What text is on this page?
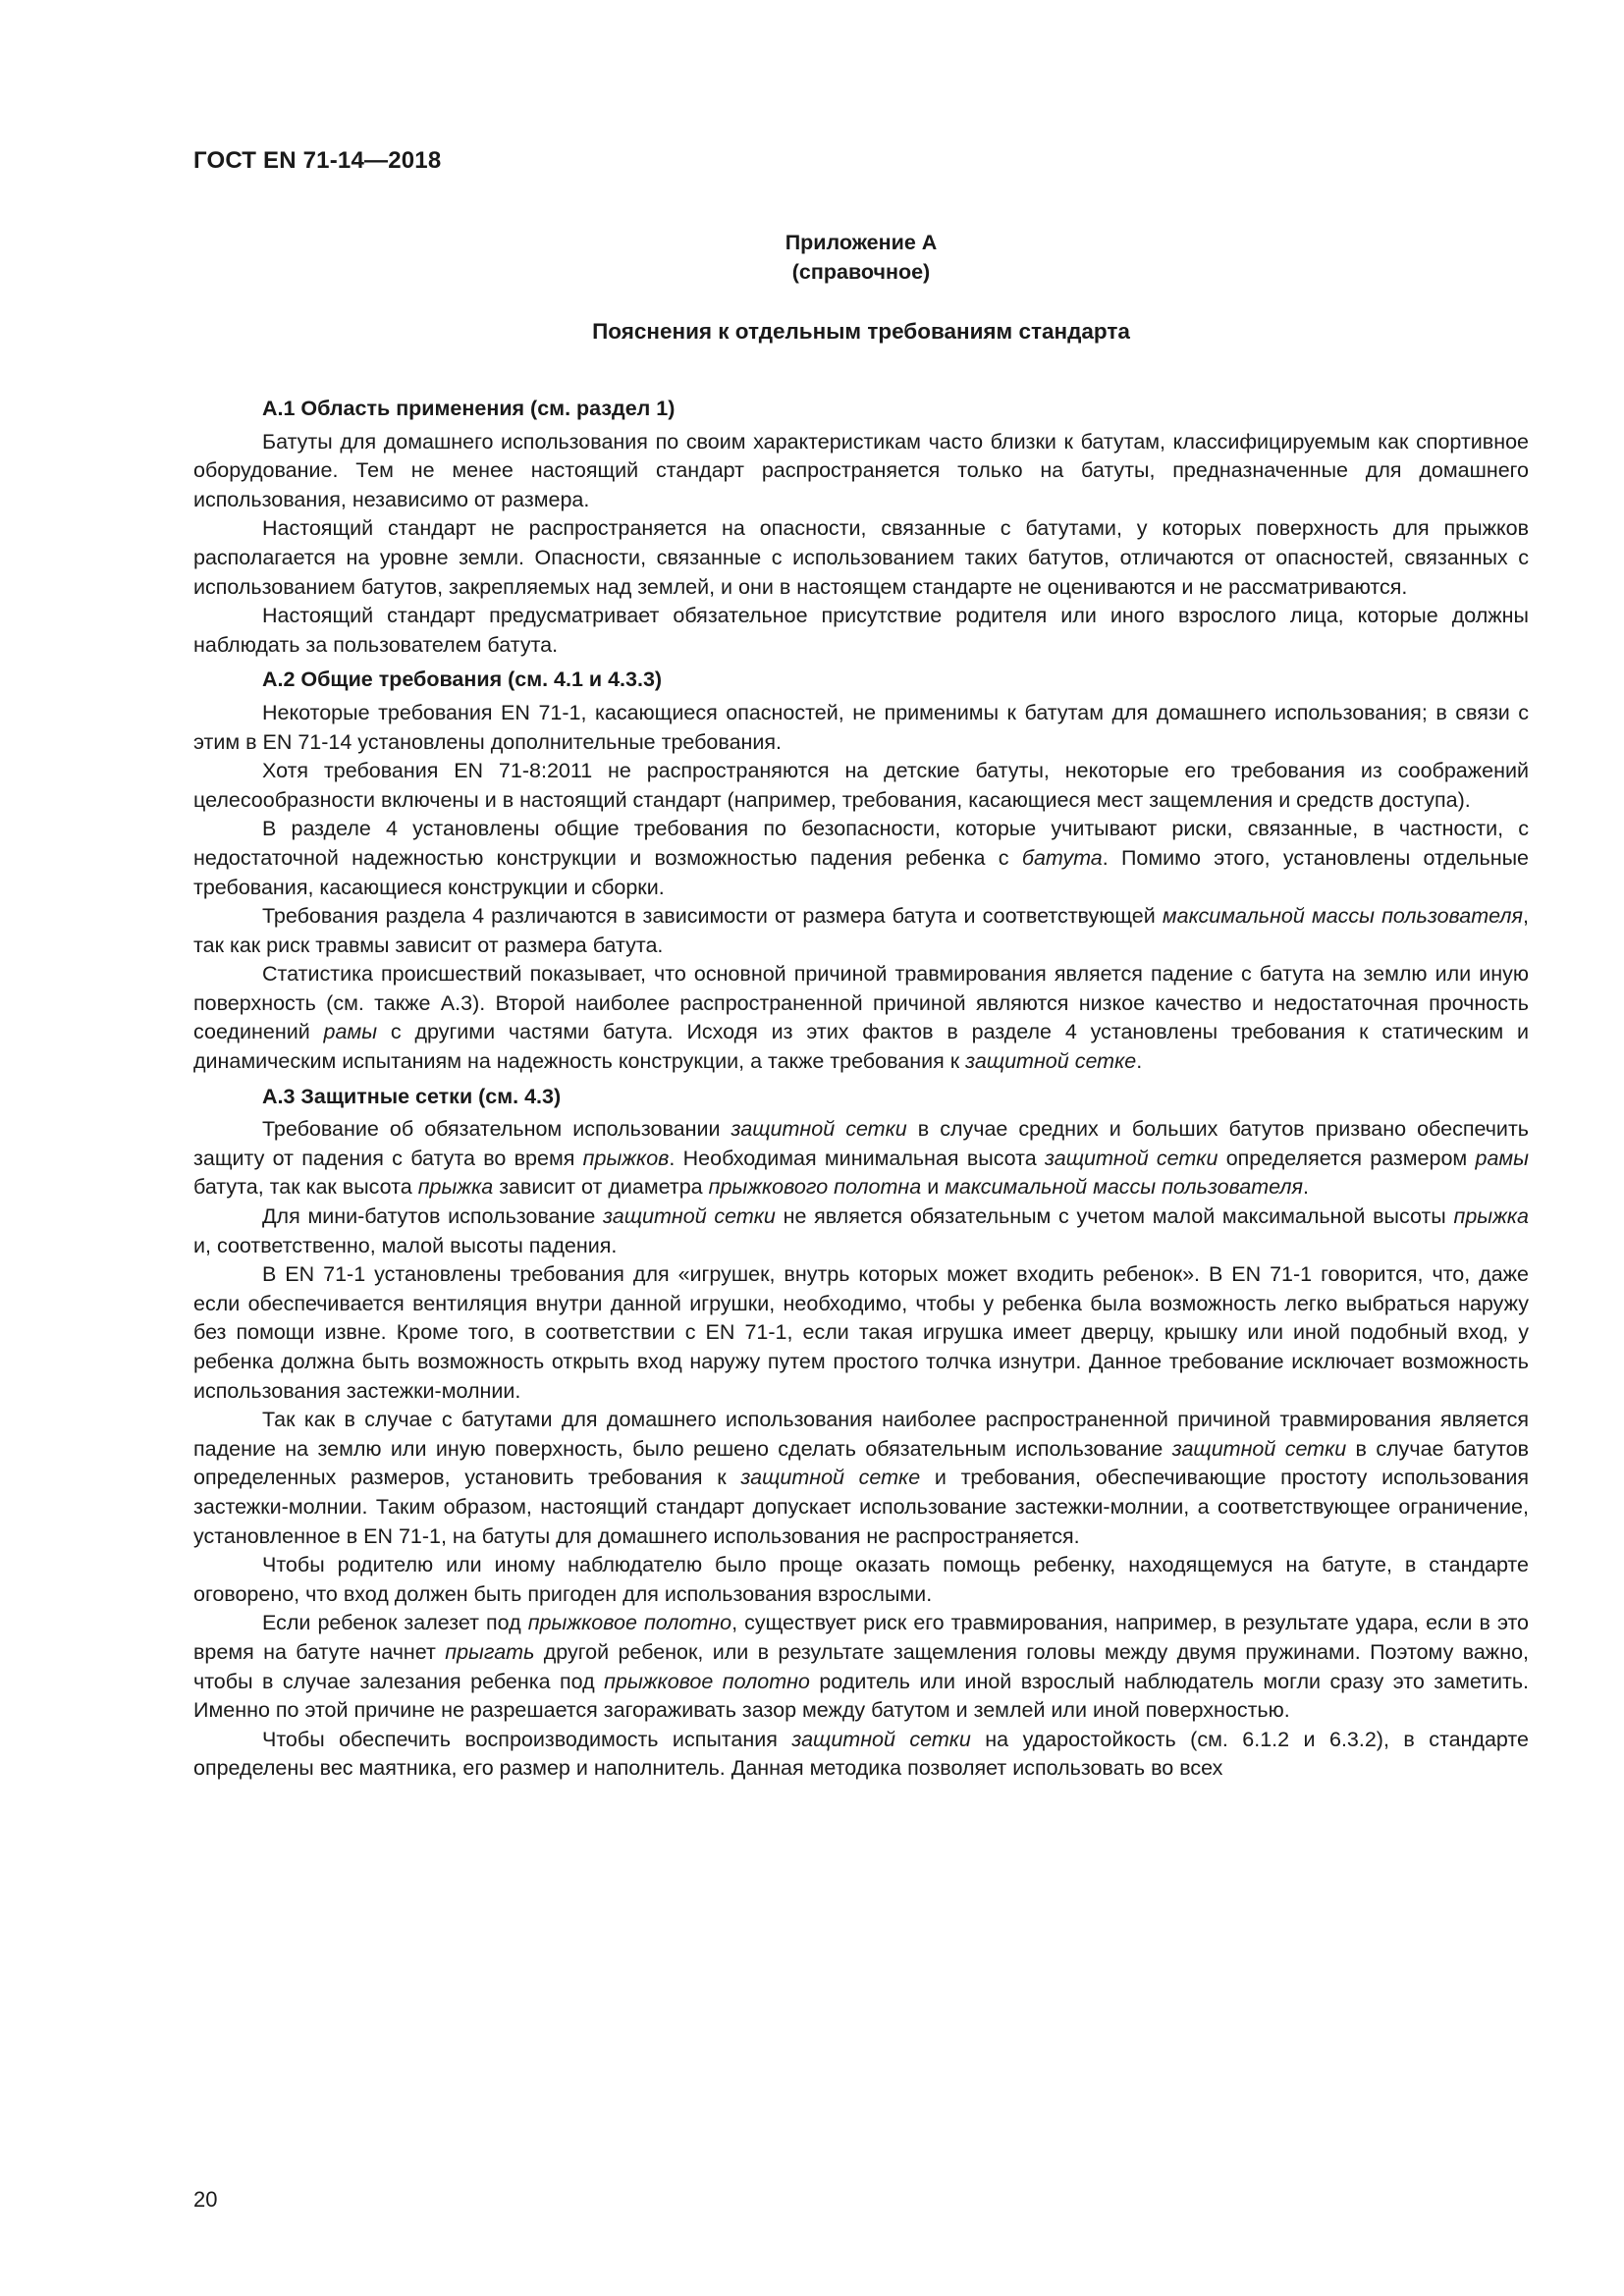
ГОСТ EN 71-14—2018
Приложение А
(справочное)
Пояснения к отдельным требованиям стандарта
А.1 Область применения (см. раздел 1)

Батуты для домашнего использования по своим характеристикам часто близки к батутам, классифицируемым как спортивное оборудование. Тем не менее настоящий стандарт распространяется только на батуты, предназначенные для домашнего использования, независимо от размера.

Настоящий стандарт не распространяется на опасности, связанные с батутами, у которых поверхность для прыжков располагается на уровне земли. Опасности, связанные с использованием таких батутов, отличаются от опасностей, связанных с использованием батутов, закрепляемых над землей, и они в настоящем стандарте не оцениваются и не рассматриваются.

Настоящий стандарт предусматривает обязательное присутствие родителя или иного взрослого лица, которые должны наблюдать за пользователем батута.

А.2 Общие требования (см. 4.1 и 4.3.3)

Некоторые требования EN 71-1, касающиеся опасностей, не применимы к батутам для домашнего использования; в связи с этим в EN 71-14 установлены дополнительные требования.

Хотя требования EN 71-8:2011 не распространяются на детские батуты, некоторые его требования из соображений целесообразности включены и в настоящий стандарт (например, требования, касающиеся мест защемления и средств доступа).

В разделе 4 установлены общие требования по безопасности, которые учитывают риски, связанные, в частности, с недостаточной надежностью конструкции и возможностью падения ребенка с батута. Помимо этого, установлены отдельные требования, касающиеся конструкции и сборки.

Требования раздела 4 различаются в зависимости от размера батута и соответствующей максимальной массы пользователя, так как риск травмы зависит от размера батута.

Статистика происшествий показывает, что основной причиной травмирования является падение с батута на землю или иную поверхность (см. также А.3). Второй наиболее распространенной причиной являются низкое качество и недостаточная прочность соединений рамы с другими частями батута. Исходя из этих фактов в разделе 4 установлены требования к статическим и динамическим испытаниям на надежность конструкции, а также требования к защитной сетке.

А.3 Защитные сетки (см. 4.3)

Требование об обязательном использовании защитной сетки в случае средних и больших батутов призвано обеспечить защиту от падения с батута во время прыжков. Необходимая минимальная высота защитной сетки определяется размером рамы батута, так как высота прыжка зависит от диаметра прыжкового полотна и максимальной массы пользователя.

Для мини-батутов использование защитной сетки не является обязательным с учетом малой максимальной высоты прыжка и, соответственно, малой высоты падения.

В EN 71-1 установлены требования для «игрушек, внутрь которых может входить ребенок». В EN 71-1 говорится, что, даже если обеспечивается вентиляция внутри данной игрушки, необходимо, чтобы у ребенка была возможность легко выбраться наружу без помощи извне. Кроме того, в соответствии с EN 71-1, если такая игрушка имеет дверцу, крышку или иной подобный вход, у ребенка должна быть возможность открыть вход наружу путем простого толчка изнутри. Данное требование исключает возможность использования застежки-молнии.

Так как в случае с батутами для домашнего использования наиболее распространенной причиной травмирования является падение на землю или иную поверхность, было решено сделать обязательным использование защитной сетки в случае батутов определенных размеров, установить требования к защитной сетке и требования, обеспечивающие простоту использования застежки-молнии. Таким образом, настоящий стандарт допускает использование застежки-молнии, а соответствующее ограничение, установленное в EN 71-1, на батуты для домашнего использования не распространяется.

Чтобы родителю или иному наблюдателю было проще оказать помощь ребенку, находящемуся на батуте, в стандарте оговорено, что вход должен быть пригоден для использования взрослыми.

Если ребенок залезет под прыжковое полотно, существует риск его травмирования, например, в результате удара, если в это время на батуте начнет прыгать другой ребенок, или в результате защемления головы между двумя пружинами. Поэтому важно, чтобы в случае залезания ребенка под прыжковое полотно родитель или иной взрослый наблюдатель могли сразу это заметить. Именно по этой причине не разрешается загораживать зазор между батутом и землей или иной поверхностью.

Чтобы обеспечить воспроизводимость испытания защитной сетки на ударостойкость (см. 6.1.2 и 6.3.2), в стандарте определены вес маятника, его размер и наполнитель. Данная методика позволяет использовать во всех

20
